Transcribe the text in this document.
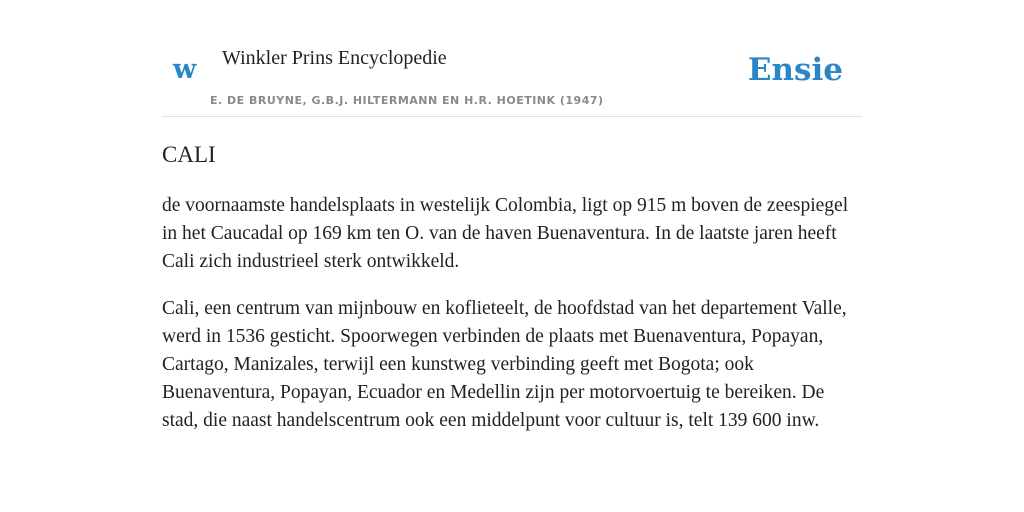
w Winkler Prins Encyclopedie
E. DE BRUYNE, G.B.J. HILTERMANN EN H.R. HOETINK (1947)
Ensie
CALI

de voornaamste handelsplaats in westelijk Colombia, ligt op 915 m boven de zeespiegel in het Caucadal op 169 km ten O. van de haven Buenaventura. In de laatste jaren heeft Cali zich industrieel sterk ontwikkeld.

Cali, een centrum van mijnbouw en koflieteelt, de hoofdstad van het departement Valle, werd in 1536 gesticht. Spoorwegen verbinden de plaats met Buenaventura, Popayan, Cartago, Manizales, terwijl een kunstweg verbinding geeft met Bogota; ook Buenaventura, Popayan, Ecuador en Medellin zijn per motorvoertuig te bereiken. De stad, die naast handelscentrum ook een middelpunt voor cultuur is, telt 139 600 inw.
